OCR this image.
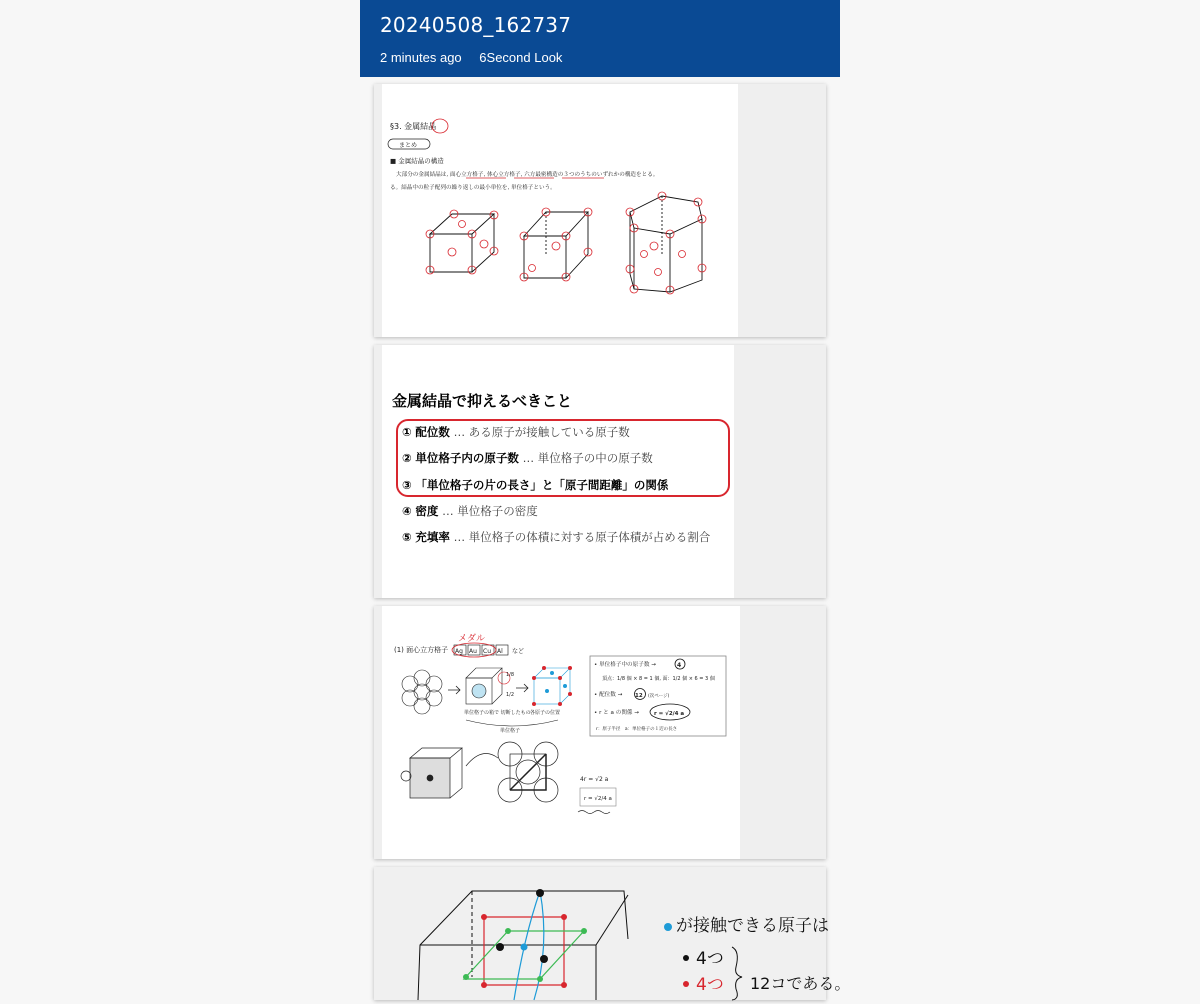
20240508_162737
2 minutes ago 6Second Look
§3. 金属結晶
まとめ
■ 金属結晶の構造
大部分の金属結晶は, 面心立方格子, 体心立方格子, 六方最密構造の３つのうちのいずれかの構造をとる。
る。結晶中の粒子配列の繰り返しの最小単位を, 単位格子という。
金属結晶で抑えるべきこと
① 配位数 … ある原子が接触している原子数
② 単位格子内の原子数 … 単位格子の中の原子数
③ 「単位格子の片の長さ」と「原子間距離」の関係
④ 密度 … 単位格子の密度
⑤ 充填率 … 単位格子の体積に対する原子体積が占める割合
(1) 面心立方格子 Ag Au Cu Al など
メダル
1/8
1/2
単位格子の箱で 切断したもの 各原子の位置
単位格子
• 単位格子中の原子数 →	4
頂点：1/8 個 × 8 = 1 個, 面：1/2 個 × 6 = 3 個
• 配位数 → 12 (次ページ)
• r と a の関係 →	r = √2/4 a
r：原子半径　a：単位格子の１辺の長さ
4r = √2 a
r = √2/4 a
が接触できる原子は
4つ
4つ 12コである。
